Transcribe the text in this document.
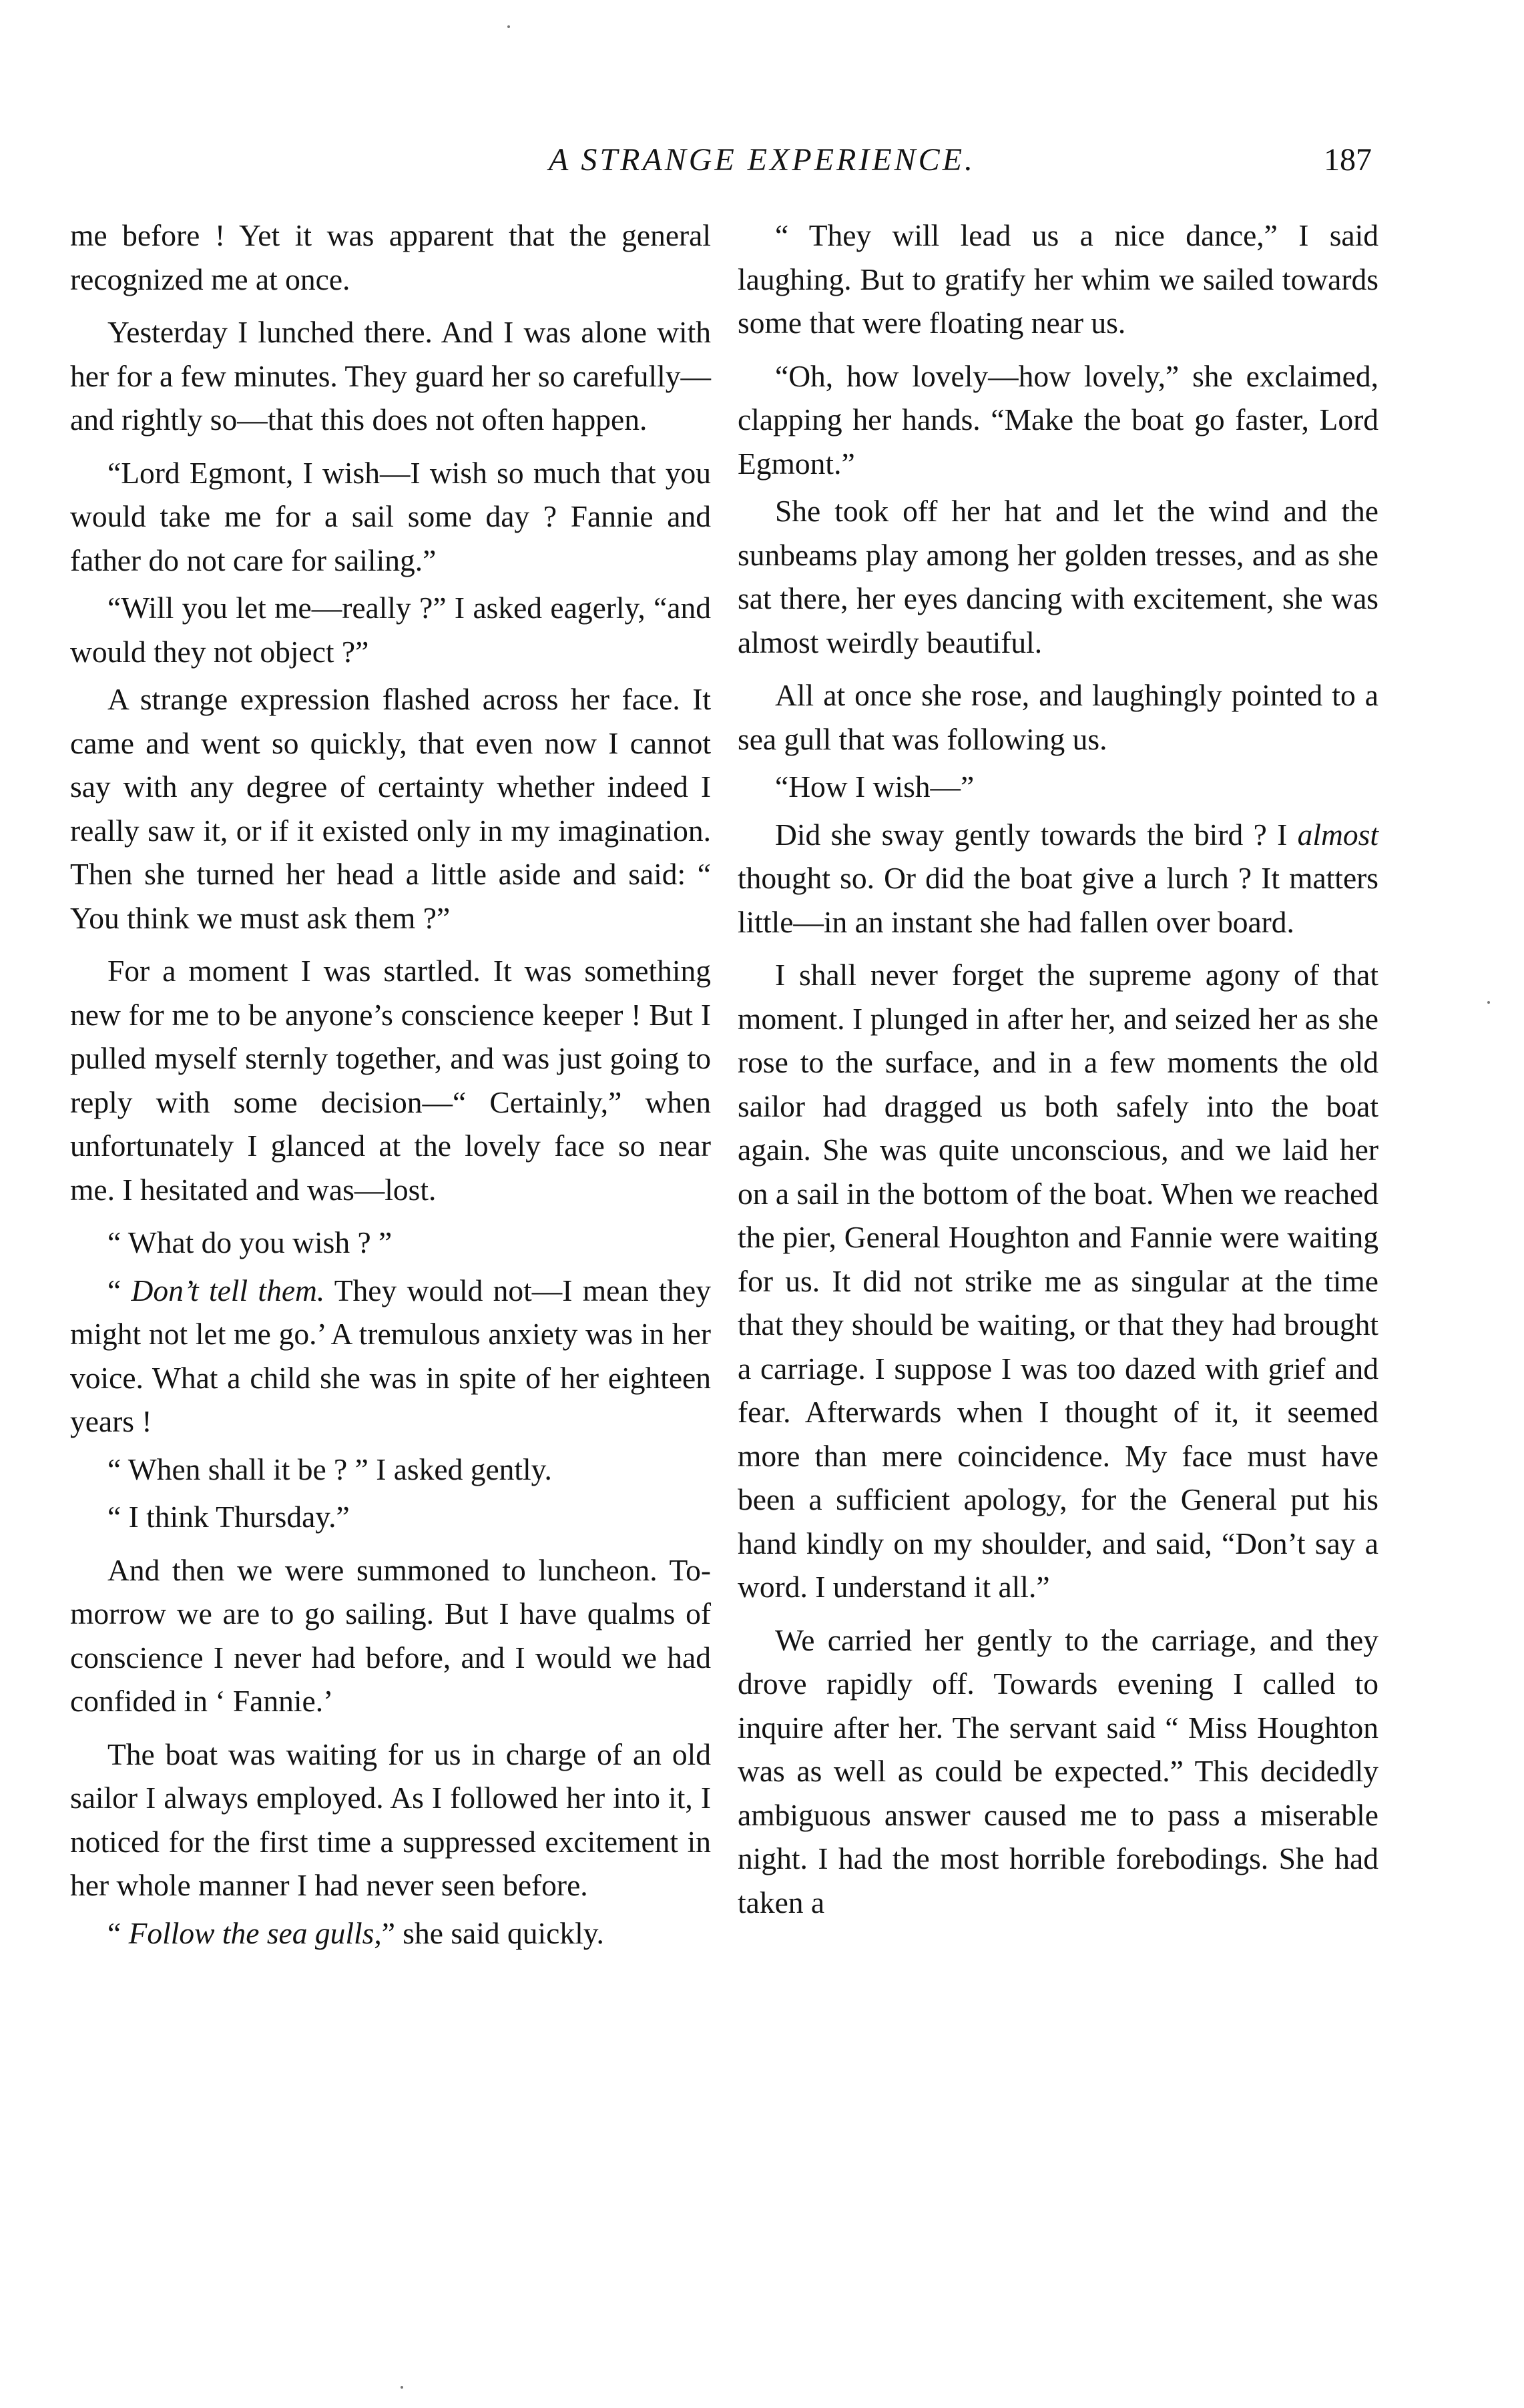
A STRANGE EXPERIENCE.	187

me before ! Yet it was apparent that the general recognized me at once.

Yesterday I lunched there. And I was alone with her for a few minutes. They guard her so carefully—and rightly so—that this does not often happen.

“Lord Egmont, I wish—I wish so much that you would take me for a sail some day ? Fannie and father do not care for sailing.”

“Will you let me—really ?” I asked eagerly, “and would they not object ?”

A strange expression flashed across her face. It came and went so quickly, that even now I cannot say with any degree of certainty whether indeed I really saw it, or if it existed only in my imagination. Then she turned her head a little aside and said: “ You think we must ask them ?”

For a moment I was startled. It was something new for me to be anyone’s conscience keeper ! But I pulled myself sternly together, and was just going to reply with some decision—“ Certainly,” when unfortunately I glanced at the lovely face so near me. I hesitated and was—lost.

“ What do you wish ? ”

“ Don’t tell them. They would not—I mean they might not let me go.’ A tremulous anxiety was in her voice. What a child she was in spite of her eighteen years !

“ When shall it be ? ” I asked gently.

“ I think Thursday.”

And then we were summoned to luncheon. To-morrow we are to go sailing. But I have qualms of conscience I never had before, and I would we had confided in ‘ Fannie.’

The boat was waiting for us in charge of an old sailor I always employed. As I followed her into it, I noticed for the first time a suppressed excitement in her whole manner I had never seen before.

“ Follow the sea gulls,” she said quickly.

“ They will lead us a nice dance,” I said laughing. But to gratify her whim we sailed towards some that were floating near us.

“Oh, how lovely—how lovely,” she exclaimed, clapping her hands. “Make the boat go faster, Lord Egmont.”

She took off her hat and let the wind and the sunbeams play among her golden tresses, and as she sat there, her eyes dancing with excitement, she was almost weirdly beautiful.

All at once she rose, and laughingly pointed to a sea gull that was following us.

“How I wish—”

Did she sway gently towards the bird ? I almost thought so. Or did the boat give a lurch ? It matters little—in an instant she had fallen over board.

I shall never forget the supreme agony of that moment. I plunged in after her, and seized her as she rose to the surface, and in a few moments the old sailor had dragged us both safely into the boat again. She was quite unconscious, and we laid her on a sail in the bottom of the boat. When we reached the pier, General Houghton and Fannie were waiting for us. It did not strike me as singular at the time that they should be waiting, or that they had brought a carriage. I suppose I was too dazed with grief and fear. Afterwards when I thought of it, it seemed more than mere coincidence. My face must have been a sufficient apology, for the General put his hand kindly on my shoulder, and said, “Don’t say a word. I understand it all.”

We carried her gently to the carriage, and they drove rapidly off. Towards evening I called to inquire after her. The servant said “ Miss Houghton was as well as could be expected.” This decidedly ambiguous answer caused me to pass a miserable night. I had the most horrible forebodings. She had taken a
